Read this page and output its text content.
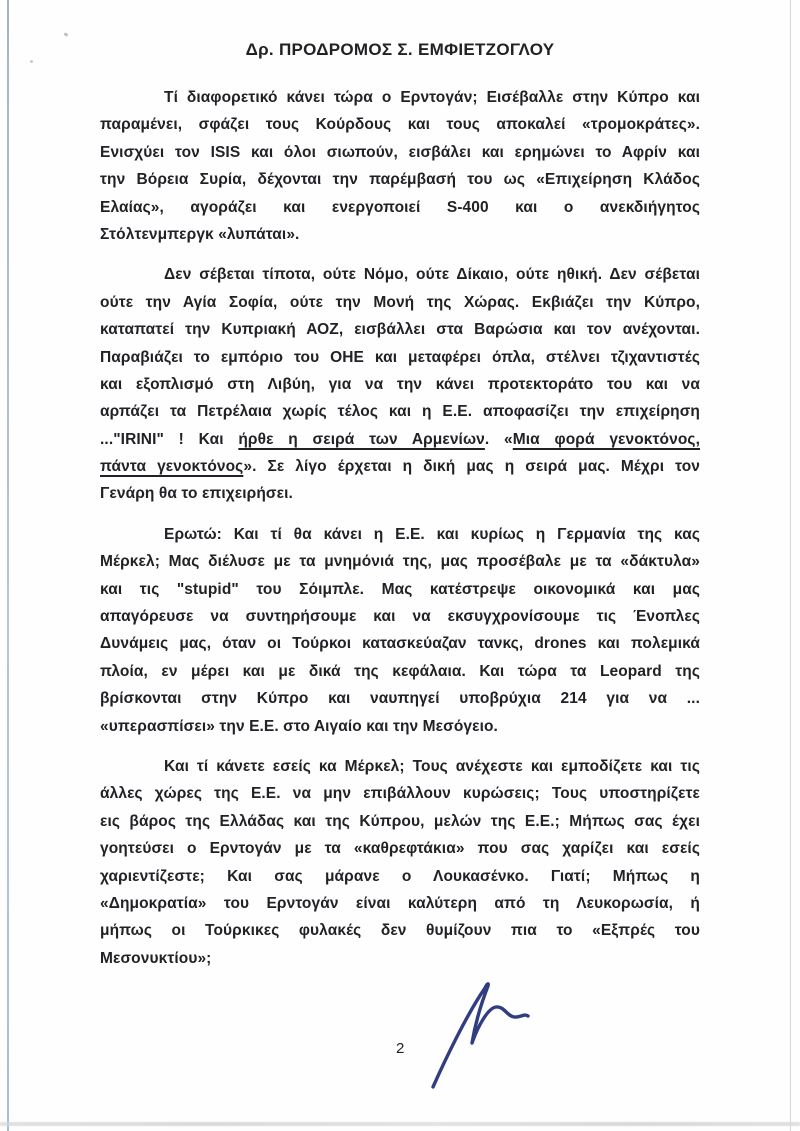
Δρ. ΠΡΟΔΡΟΜΟΣ Σ. ΕΜΦΙΕΤΖΟΓΛΟΥ

Τί διαφορετικό κάνει τώρα ο Ερντογάν; Εισέβαλλε στην Κύπρο και
παραμένει, σφάζει τους Κούρδους και τους αποκαλεί «τρομοκράτες».
Ενισχύει τον ISIS και όλοι σιωπούν, εισβάλει και ερημώνει το Αφρίν και
την Βόρεια Συρία, δέχονται την παρέμβασή του ως «Επιχείρηση Κλάδος
Ελαίας», αγοράζει και ενεργοποιεί S-400 και ο ανεκδιήγητος
Στόλτενμπεργκ «λυπάται».

Δεν σέβεται τίποτα, ούτε Νόμο, ούτε Δίκαιο, ούτε ηθική. Δεν σέβεται
ούτε την Αγία Σοφία, ούτε την Μονή της Χώρας. Εκβιάζει την Κύπρο,
καταπατεί την Κυπριακή ΑΟΖ, εισβάλλει στα Βαρώσια και τον ανέχονται.
Παραβιάζει το εμπόριο του ΟΗΕ και μεταφέρει όπλα, στέλνει τζιχαντιστές
και εξοπλισμό στη Λιβύη, για να την κάνει προτεκτοράτο του και να
αρπάζει τα Πετρέλαια χωρίς τέλος και η Ε.Ε. αποφασίζει την επιχείρηση
..."IRINI" ! Και ήρθε η σειρά των Αρμενίων. «Μια φορά γενοκτόνος,
πάντα γενοκτόνος». Σε λίγο έρχεται η δική μας η σειρά μας. Μέχρι τον
Γενάρη θα το επιχειρήσει.

Ερωτώ: Και τί θα κάνει η Ε.Ε. και κυρίως η Γερμανία της κας
Μέρκελ; Μας διέλυσε με τα μνημόνιά της, μας προσέβαλε με τα «δάκτυλα»
και τις "stupid" του Σόιμπλε. Μας κατέστρεψε οικονομικά και μας
απαγόρευσε να συντηρήσουμε και να εκσυγχρονίσουμε τις Ένοπλες
Δυνάμεις μας, όταν οι Τούρκοι κατασκεύαζαν τανκς, drones και πολεμικά
πλοία, εν μέρει και με δικά της κεφάλαια. Και τώρα τα Leopard της
βρίσκονται στην Κύπρο και ναυπηγεί υποβρύχια 214 για να ...
«υπερασπίσει» την Ε.Ε. στο Αιγαίο και την Μεσόγειο.

Και τί κάνετε εσείς κα Μέρκελ; Τους ανέχεστε και εμποδίζετε και τις
άλλες χώρες της Ε.Ε. να μην επιβάλλουν κυρώσεις; Τους υποστηρίζετε
εις βάρος της Ελλάδας και της Κύπρου, μελών της Ε.Ε.; Μήπως σας έχει
γοητεύσει ο Ερντογάν με τα «καθρεφτάκια» που σας χαρίζει και εσείς
χαριεντίζεστε; Και σας μάρανε ο Λουκασένκο. Γιατί; Μήπως η
«Δημοκρατία» του Ερντογάν είναι καλύτερη από τη Λευκορωσία, ή
μήπως οι Τούρκικες φυλακές δεν θυμίζουν πια το «Εξπρές του
Μεσονυκτίου»;

2
